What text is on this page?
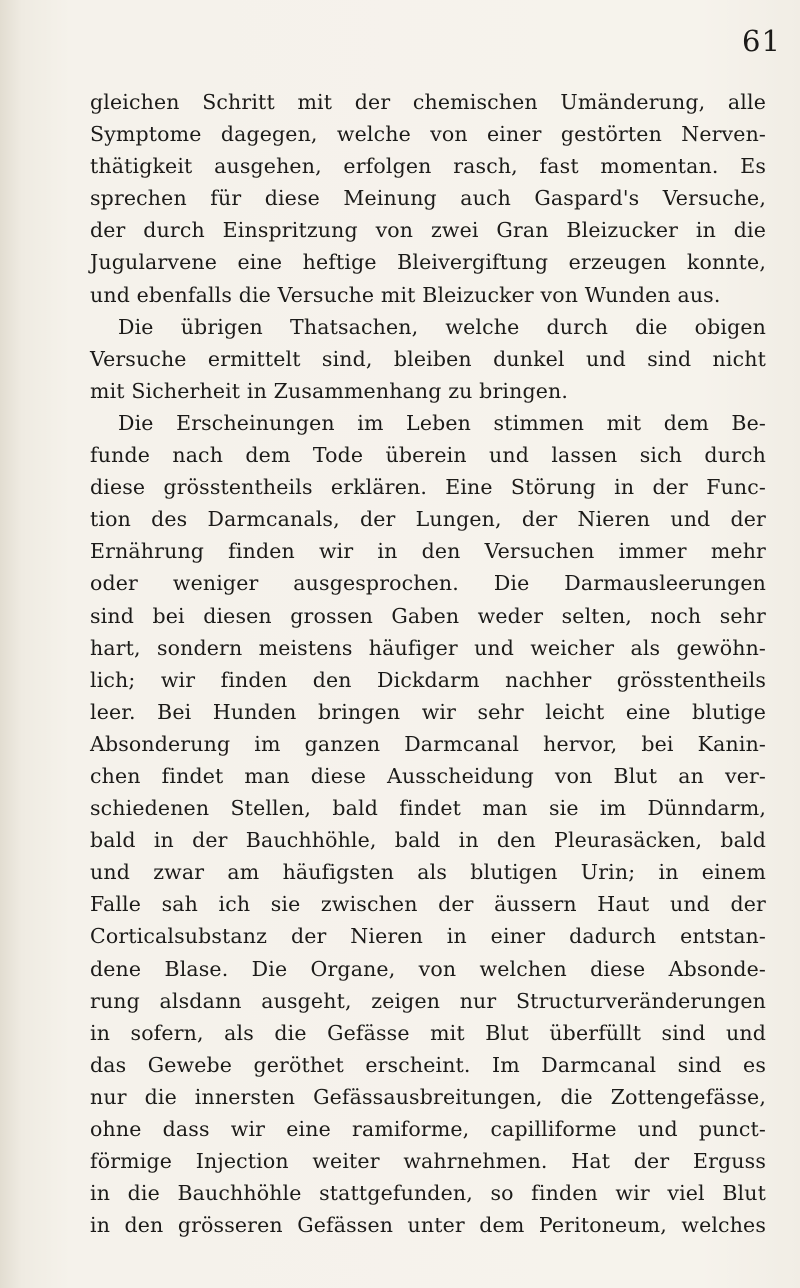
61
gleichen Schritt mit der chemischen Umänderung, alle
Symptome dagegen, welche von einer gestörten Nerven-
thätigkeit ausgehen, erfolgen rasch, fast momentan. Es
sprechen für diese Meinung auch Gaspard's Versuche,
der durch Einspritzung von zwei Gran Bleizucker in die
Jugularvene eine heftige Bleivergiftung erzeugen konnte,
und ebenfalls die Versuche mit Bleizucker von Wunden aus.
Die übrigen Thatsachen, welche durch die obigen
Versuche ermittelt sind, bleiben dunkel und sind nicht
mit Sicherheit in Zusammenhang zu bringen.
Die Erscheinungen im Leben stimmen mit dem Be-
funde nach dem Tode überein und lassen sich durch
diese grösstentheils erklären. Eine Störung in der Func-
tion des Darmcanals, der Lungen, der Nieren und der
Ernährung finden wir in den Versuchen immer mehr
oder weniger ausgesprochen. Die Darmausleerungen
sind bei diesen grossen Gaben weder selten, noch sehr
hart, sondern meistens häufiger und weicher als gewöhn-
lich; wir finden den Dickdarm nachher grösstentheils
leer. Bei Hunden bringen wir sehr leicht eine blutige
Absonderung im ganzen Darmcanal hervor, bei Kanin-
chen findet man diese Ausscheidung von Blut an ver-
schiedenen Stellen, bald findet man sie im Dünndarm,
bald in der Bauchhöhle, bald in den Pleurasäcken, bald
und zwar am häufigsten als blutigen Urin; in einem
Falle sah ich sie zwischen der äussern Haut und der
Corticalsubstanz der Nieren in einer dadurch entstan-
dene Blase. Die Organe, von welchen diese Absonde-
rung alsdann ausgeht, zeigen nur Structurveränderungen
in sofern, als die Gefässe mit Blut überfüllt sind und
das Gewebe geröthet erscheint. Im Darmcanal sind es
nur die innersten Gefässausbreitungen, die Zottengefässe,
ohne dass wir eine ramiforme, capilliforme und punct-
förmige Injection weiter wahrnehmen. Hat der Erguss
in die Bauchhöhle stattgefunden, so finden wir viel Blut
in den grösseren Gefässen unter dem Peritoneum, welches
